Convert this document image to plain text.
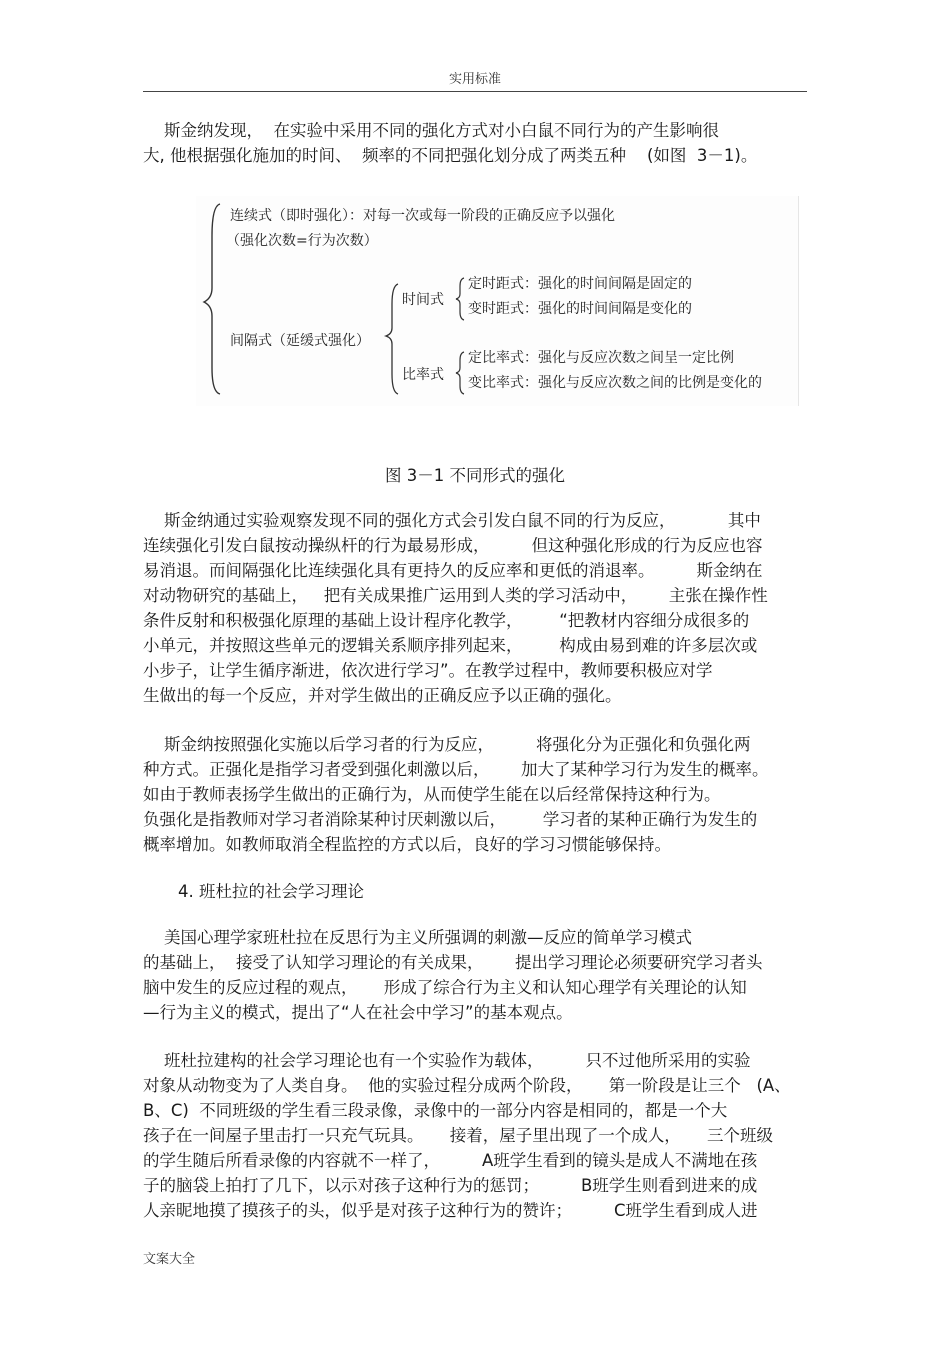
实用标准
斯金纳发现，  在实验中采用不同的强化方式对小白鼠不同行为的产生影响很
大, 他根据强化施加的时间、  频率的不同把强化划分成了两类五种    (如图  3－1)。
连续式（即时强化）：对每一次或每一阶段的正确反应予以强化
（强化次数=行为次数）
间隔式（延缓式强化）
时间式
定时距式：强化的时间间隔是固定的
变时距式：强化的时间间隔是变化的
比率式
定比率式：强化与反应次数之间呈一定比例
变比率式：强化与反应次数之间的比例是变化的
图 3－1 不同形式的强化
斯金纳通过实验观察发现不同的强化方式会引发白鼠不同的行为反应，          其中
连续强化引发白鼠按动操纵杆的行为最易形成，        但这种强化形成的行为反应也容
易消退。而间隔强化比连续强化具有更持久的反应率和更低的消退率。        斯金纳在
对动物研究的基础上，   把有关成果推广运用到人类的学习活动中，      主张在操作性
条件反射和积极强化原理的基础上设计程序化教学，       “把教材内容细分成很多的
小单元，并按照这些单元的逻辑关系顺序排列起来，       构成由易到难的许多层次或
小步子，让学生循序渐进，依次进行学习”。在教学过程中，教师要积极应对学
生做出的每一个反应，并对学生做出的正确反应予以正确的强化。
斯金纳按照强化实施以后学习者的行为反应，        将强化分为正强化和负强化两
种方式。正强化是指学习者受到强化刺激以后，      加大了某种学习行为发生的概率。
如由于教师表扬学生做出的正确行为，从而使学生能在以后经常保持这种行为。
负强化是指教师对学习者消除某种讨厌刺激以后，       学习者的某种正确行为发生的
概率增加。如教师取消全程监控的方式以后，良好的学习习惯能够保持。
4. 班杜拉的社会学习理论
美国心理学家班杜拉在反思行为主义所强调的刺激—反应的简单学习模式
的基础上，  接受了认知学习理论的有关成果，      提出学习理论必须要研究学习者头
脑中发生的反应过程的观点，     形成了综合行为主义和认知心理学有关理论的认知
—行为主义的模式，提出了“人在社会中学习”的基本观点。
班杜拉建构的社会学习理论也有一个实验作为载体，        只不过他所采用的实验
对象从动物变为了人类自身。  他的实验过程分成两个阶段，     第一阶段是让三个   (A、
B、C)  不同班级的学生看三段录像，录像中的一部分内容是相同的，都是一个大
孩子在一间屋子里击打一只充气玩具。     接着，屋子里出现了一个成人，     三个班级
的学生随后所看录像的内容就不一样了，        A班学生看到的镜头是成人不满地在孩
子的脑袋上拍打了几下，以示对孩子这种行为的惩罚；        B班学生则看到进来的成
人亲昵地摸了摸孩子的头，似乎是对孩子这种行为的赞许；        C班学生看到成人进
文案大全
